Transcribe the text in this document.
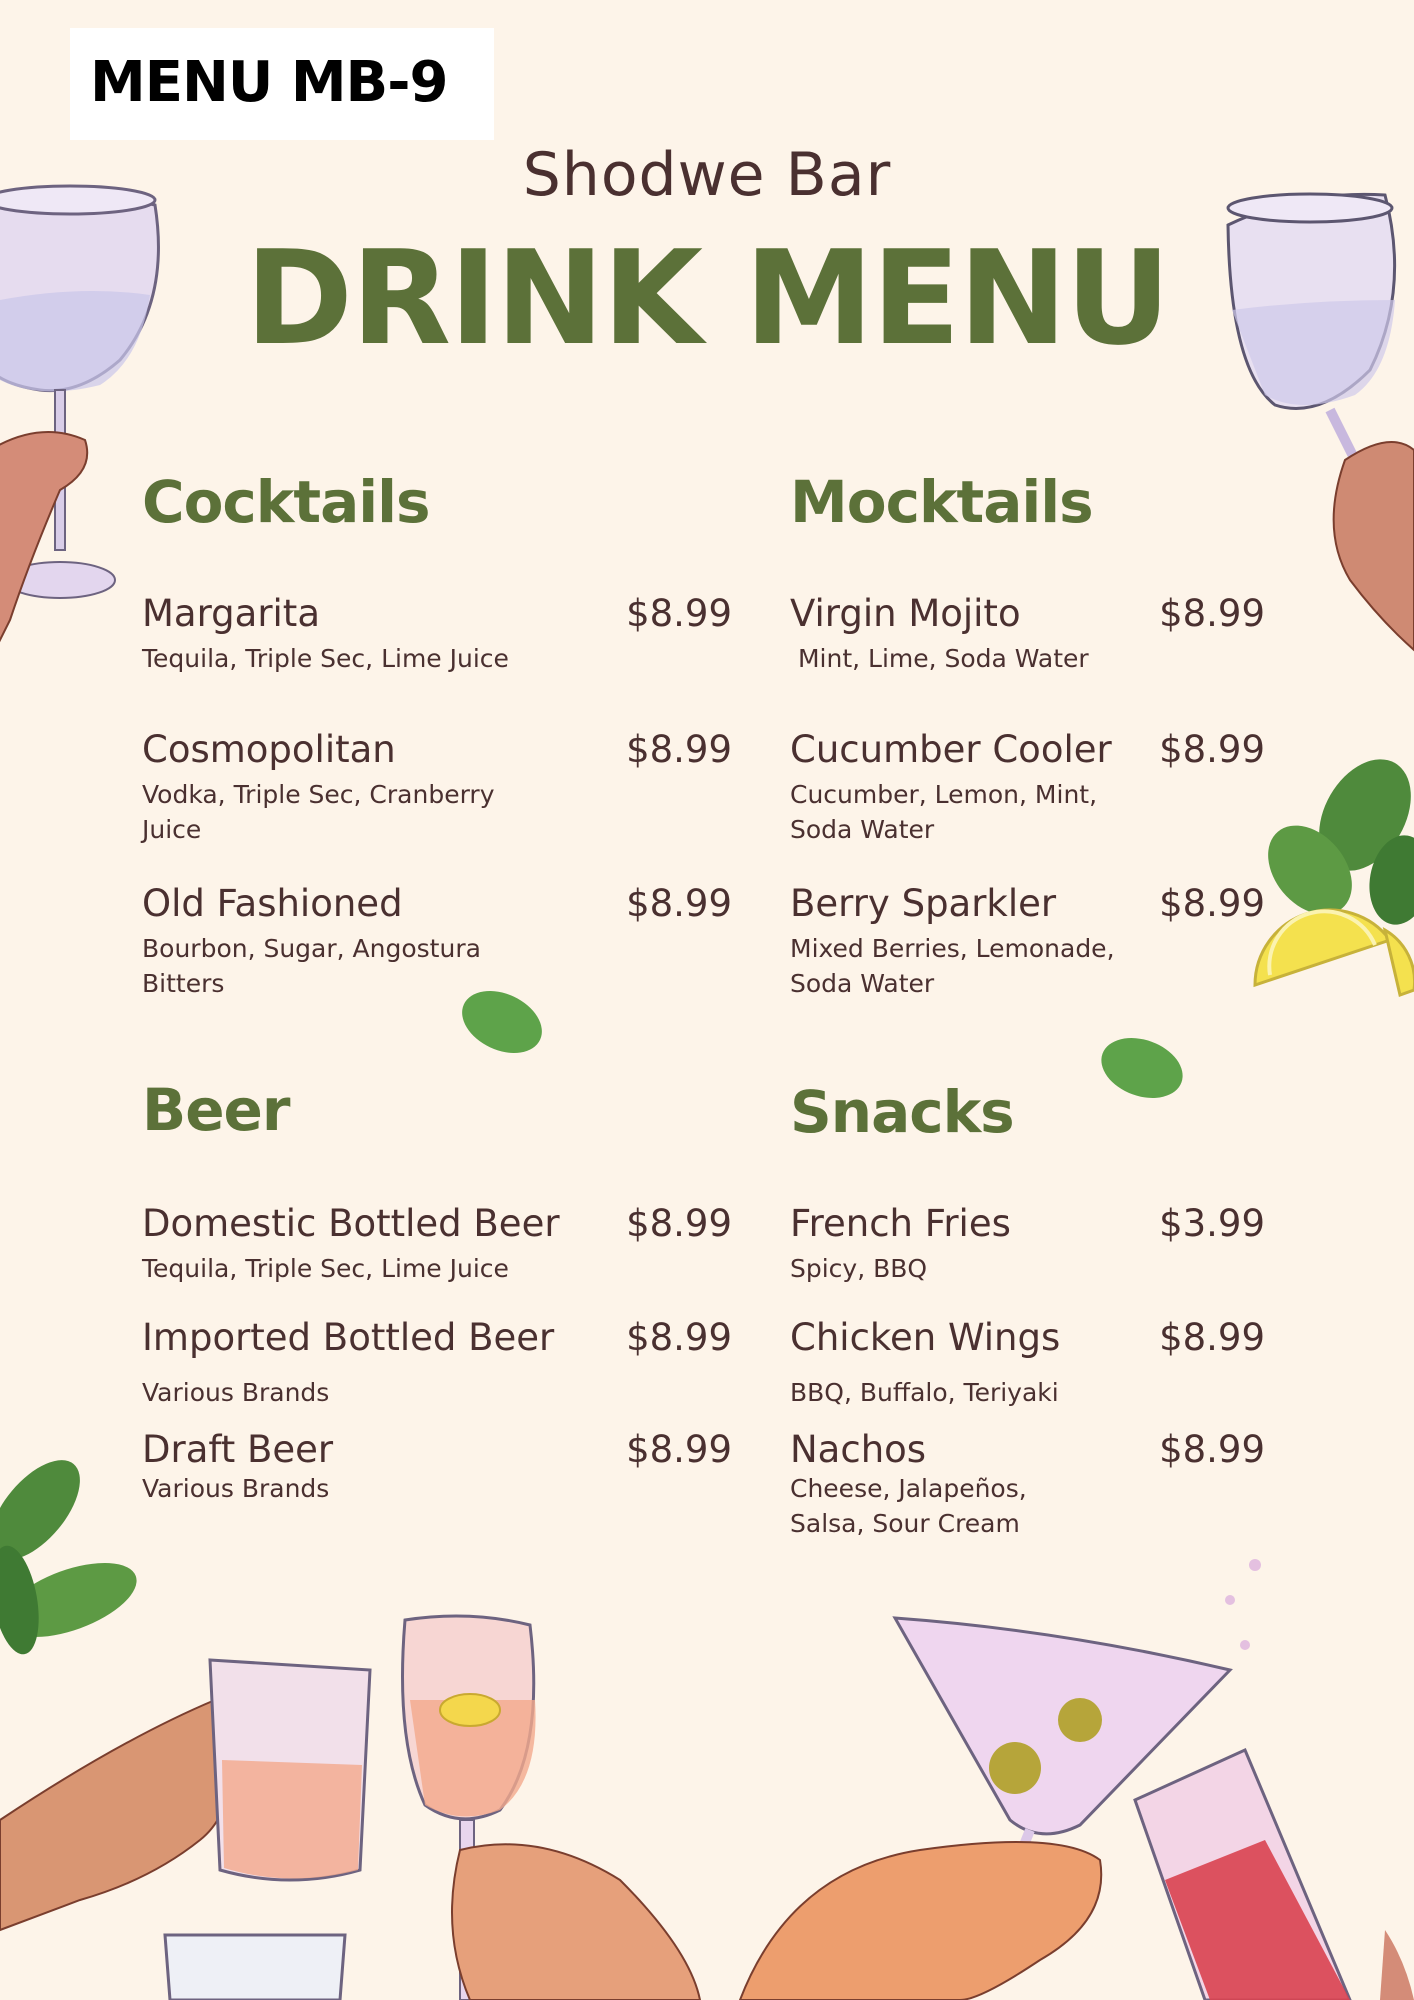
MENU MB-9
Shodwe Bar
DRINK MENU
Cocktails
Margarita	$8.99
Tequila, Triple Sec, Lime Juice
Cosmopolitan	$8.99
Vodka, Triple Sec, Cranberry Juice
Old Fashioned	$8.99
Bourbon, Sugar, Angostura Bitters
Mocktails
Virgin Mojito	$8.99
Mint, Lime, Soda Water
Cucumber Cooler $8.99
Cucumber, Lemon, Mint, Soda Water
Berry Sparkler	$8.99
Mixed Berries, Lemonade, Soda Water
Beer
Domestic Bottled Beer $8.99
Tequila, Triple Sec, Lime Juice
Imported Bottled Beer $8.99
Various Brands
Draft Beer	$8.99
Various Brands
Snacks
French Fries	$3.99
Spicy, BBQ
Chicken Wings	$8.99
BBQ, Buffalo, Teriyaki
Nachos	$8.99
Cheese, Jalapeños, Salsa, Sour Cream
